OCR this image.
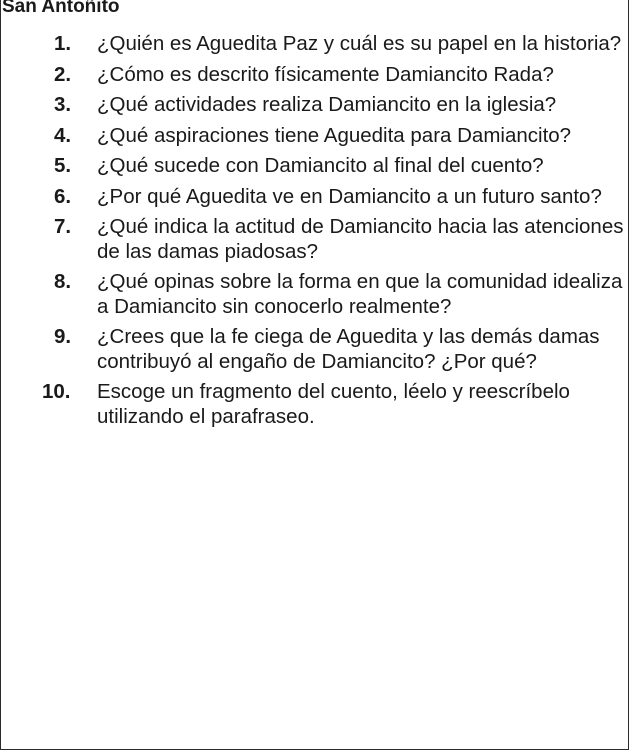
San Antoñito
1.	¿Quién es Aguedita Paz y cuál es su papel en la historia?
2.	¿Cómo es descrito físicamente Damiancito Rada?
3.	¿Qué actividades realiza Damiancito en la iglesia?
4.	¿Qué aspiraciones tiene Aguedita para Damiancito?
5.	¿Qué sucede con Damiancito al final del cuento?
6.	¿Por qué Aguedita ve en Damiancito a un futuro santo?
7.	¿Qué indica la actitud de Damiancito hacia las atenciones de las damas piadosas?
8.	¿Qué opinas sobre la forma en que la comunidad idealiza a Damiancito sin conocerlo realmente?
9.	¿Crees que la fe ciega de Aguedita y las demás damas contribuyó al engaño de Damiancito? ¿Por qué?
10.	Escoge un fragmento del cuento, léelo y reescríbelo utilizando el parafraseo.
